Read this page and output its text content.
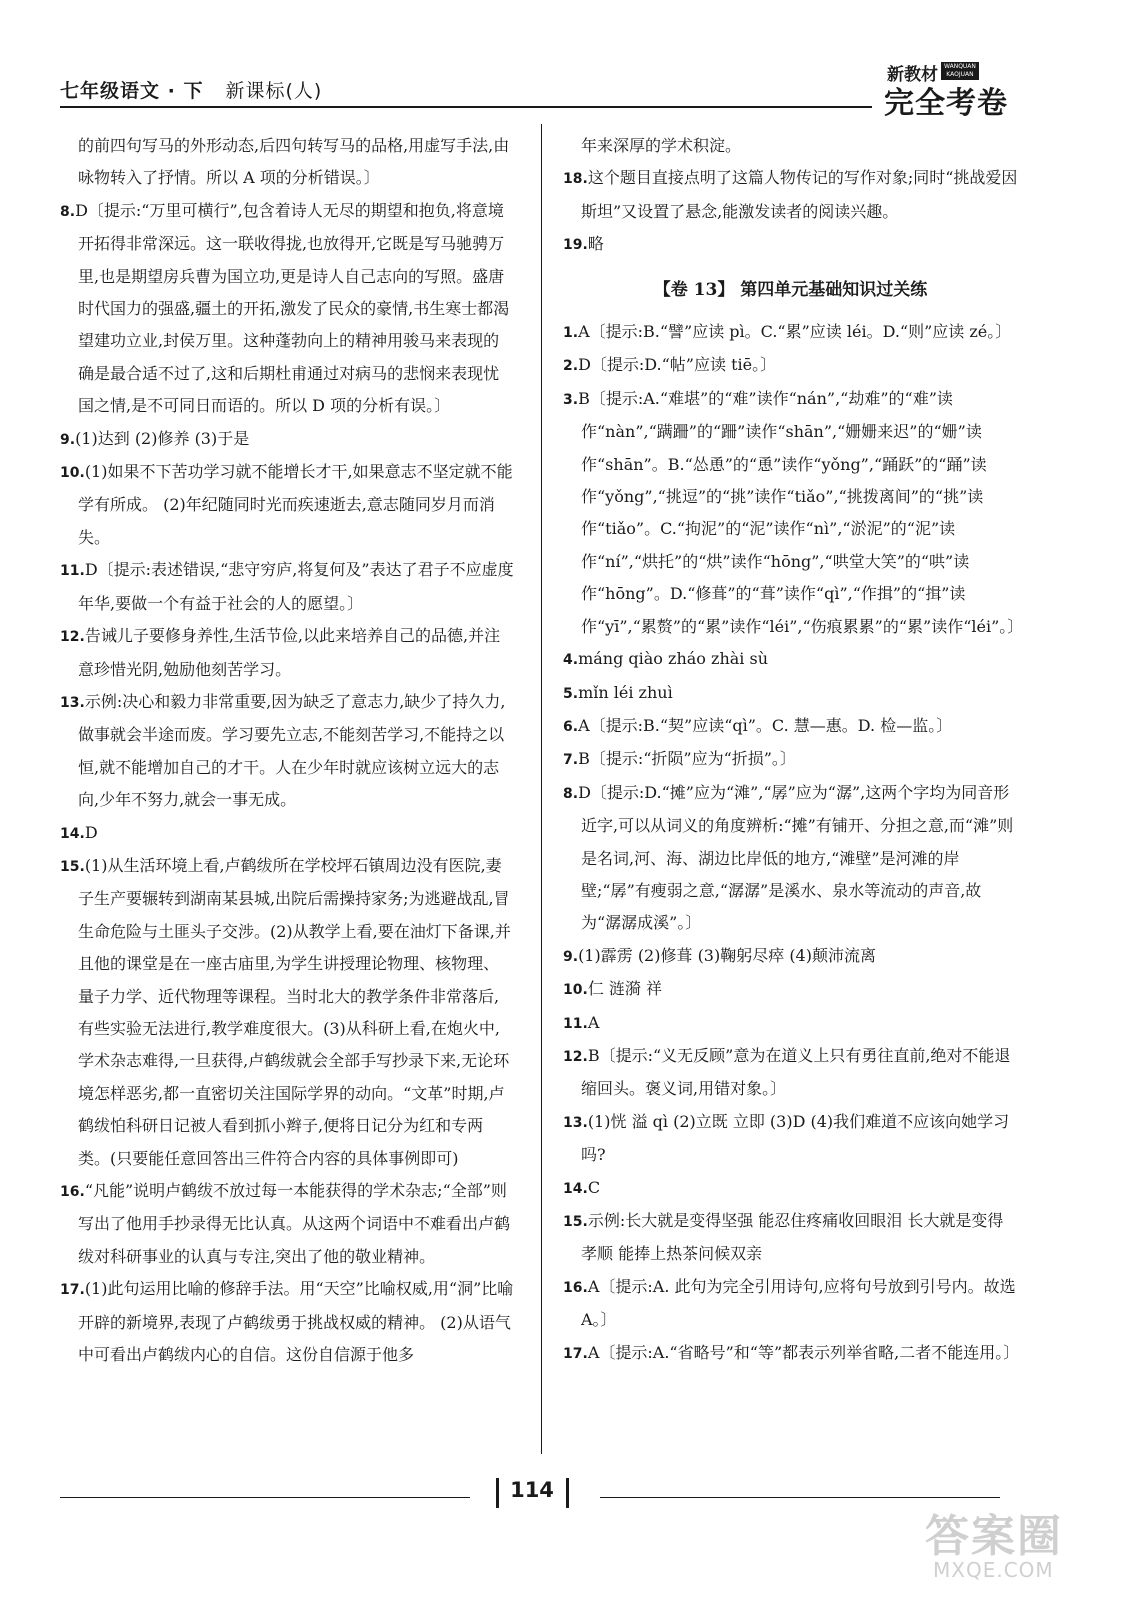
七年级语文 · 下 新课标(人)
新教材 WANQUAN
KAOJUAN
完全考卷
的前四句写马的外形动态,后四句转写马的品格,用虚写手法,由咏物转入了抒情。所以 A 项的分析错误。〕
8.D〔提示:“万里可横行”,包含着诗人无尽的期望和抱负,将意境开拓得非常深远。这一联收得拢,也放得开,它既是写马驰骋万里,也是期望房兵曹为国立功,更是诗人自己志向的写照。盛唐时代国力的强盛,疆土的开拓,激发了民众的豪情,书生寒士都渴望建功立业,封侯万里。这种蓬勃向上的精神用骏马来表现的确是最合适不过了,这和后期杜甫通过对病马的悲悯来表现忧国之情,是不可同日而语的。所以 D 项的分析有误。〕
9.(1)达到 (2)修养 (3)于是
10.(1)如果不下苦功学习就不能增长才干,如果意志不坚定就不能学有所成。 (2)年纪随同时光而疾速逝去,意志随同岁月而消失。
11.D〔提示:表述错误,“悲守穷庐,将复何及”表达了君子不应虚度年华,要做一个有益于社会的人的愿望。〕
12.告诫儿子要修身养性,生活节俭,以此来培养自己的品德,并注意珍惜光阴,勉励他刻苦学习。
13.示例:决心和毅力非常重要,因为缺乏了意志力,缺少了持久力,做事就会半途而废。学习要先立志,不能刻苦学习,不能持之以恒,就不能增加自己的才干。人在少年时就应该树立远大的志向,少年不努力,就会一事无成。
14.D
15.(1)从生活环境上看,卢鹤绂所在学校坪石镇周边没有医院,妻子生产要辗转到湖南某县城,出院后需操持家务;为逃避战乱,冒生命危险与土匪头子交涉。(2)从教学上看,要在油灯下备课,并且他的课堂是在一座古庙里,为学生讲授理论物理、核物理、量子力学、近代物理等课程。当时北大的教学条件非常落后,有些实验无法进行,教学难度很大。(3)从科研上看,在炮火中,学术杂志难得,一旦获得,卢鹤绂就会全部手写抄录下来,无论环境怎样恶劣,都一直密切关注国际学界的动向。“文革”时期,卢鹤绂怕科研日记被人看到抓小辫子,便将日记分为红和专两类。(只要能任意回答出三件符合内容的具体事例即可)
16.“凡能”说明卢鹤绂不放过每一本能获得的学术杂志;“全部”则写出了他用手抄录得无比认真。从这两个词语中不难看出卢鹤绂对科研事业的认真与专注,突出了他的敬业精神。
17.(1)此句运用比喻的修辞手法。用“天空”比喻权威,用“洞”比喻开辟的新境界,表现了卢鹤绂勇于挑战权威的精神。 (2)从语气中可看出卢鹤绂内心的自信。这份自信源于他多
年来深厚的学术积淀。
18.这个题目直接点明了这篇人物传记的写作对象;同时“挑战爱因斯坦”又设置了悬念,能激发读者的阅读兴趣。
19.略
【卷 13】 第四单元基础知识过关练
1.A〔提示:B.“譬”应读 pì。C.“累”应读 léi。D.“则”应读 zé。〕
2.D〔提示:D.“帖”应读 tiē。〕
3.B〔提示:A.“难堪”的“难”读作“nán”,“劫难”的“难”读作“nàn”,“蹒跚”的“跚”读作“shān”,“姗姗来迟”的“姗”读作“shān”。B.“怂恿”的“恿”读作“yǒng”,“踊跃”的“踊”读作“yǒng”,“挑逗”的“挑”读作“tiǎo”,“挑拨离间”的“挑”读作“tiǎo”。C.“拘泥”的“泥”读作“nì”,“淤泥”的“泥”读作“ní”,“烘托”的“烘”读作“hōng”,“哄堂大笑”的“哄”读作“hōng”。D.“修葺”的“葺”读作“qì”,“作揖”的“揖”读作“yī”,“累赘”的“累”读作“léi”,“伤痕累累”的“累”读作“léi”。〕
4.máng qiào zháo zhài sù
5.mǐn léi zhuì
6.A〔提示:B.“契”应读“qì”。C. 慧—惠。D. 检—监。〕
7.B〔提示:“折陨”应为“折损”。〕
8.D〔提示:D.“摊”应为“滩”,“孱”应为“潺”,这两个字均为同音形近字,可以从词义的角度辨析:“摊”有铺开、分担之意,而“滩”则是名词,河、海、湖边比岸低的地方,“滩壁”是河滩的岸壁;“孱”有瘦弱之意,“潺潺”是溪水、泉水等流动的声音,故为“潺潺成溪”。〕
9.(1)霹雳 (2)修葺 (3)鞠躬尽瘁 (4)颠沛流离
10.仁 涟漪 祥
11.A
12.B〔提示:“义无反顾”意为在道义上只有勇往直前,绝对不能退缩回头。褒义词,用错对象。〕
13.(1)恍 溢 qì (2)立既 立即 (3)D (4)我们难道不应该向她学习吗?
14.C
15.示例:长大就是变得坚强 能忍住疼痛收回眼泪 长大就是变得孝顺 能捧上热茶问候双亲
16.A〔提示:A. 此句为完全引用诗句,应将句号放到引号内。故选 A。〕
17.A〔提示:A.“省略号”和“等”都表示列举省略,二者不能连用。〕
114
答案圈
MXQE.COM
